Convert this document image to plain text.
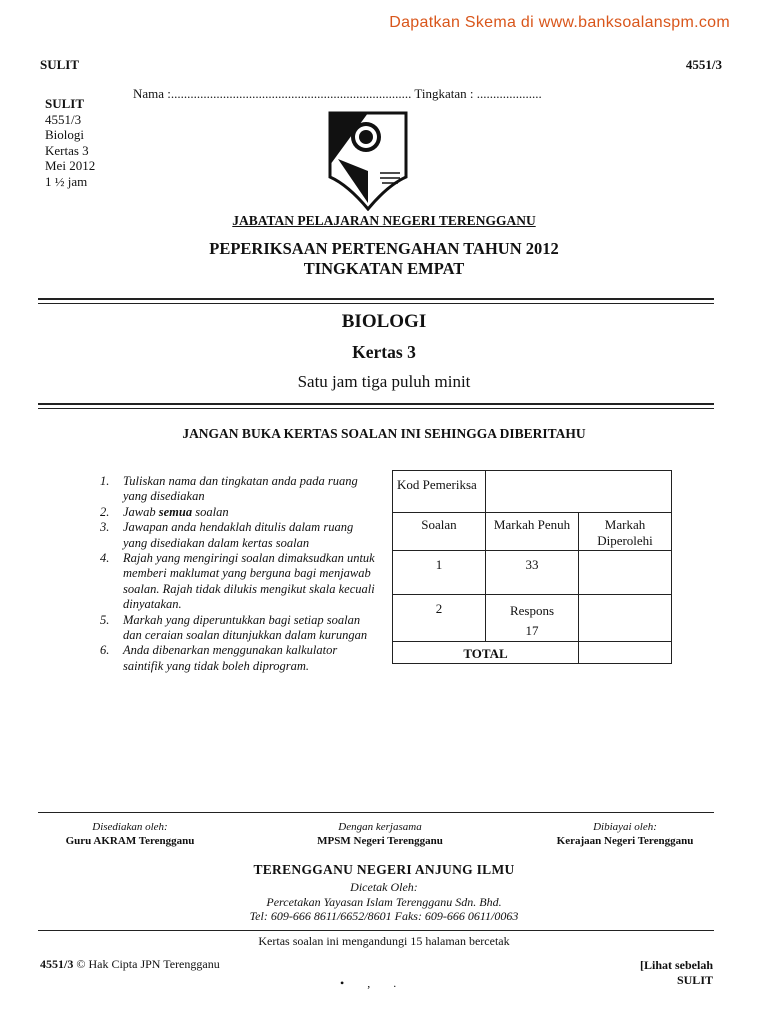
Dapatkan Skema di www.banksoalanspm.com
SULIT	4551/3
Nama :.......................................................................... Tingkatan : ....................
SULIT
4551/3
Biologi
Kertas 3
Mei 2012
1 ½ jam
JABATAN PELAJARAN NEGERI TERENGGANU
PEPERIKSAAN PERTENGAHAN TAHUN 2012
TINGKATAN EMPAT
BIOLOGI
Kertas 3
Satu jam tiga puluh minit
JANGAN BUKA KERTAS SOALAN INI SEHINGGA DIBERITAHU
1. Tuliskan nama dan tingkatan anda pada ruang yang disediakan
2. Jawab semua soalan
3. Jawapan anda hendaklah ditulis dalam ruang yang disediakan dalam kertas soalan
4. Rajah yang mengiringi soalan dimaksudkan untuk memberi maklumat yang berguna bagi menjawab soalan. Rajah tidak dilukis mengikut skala kecuali dinyatakan.
5. Markah yang diperuntukkan bagi setiap soalan dan ceraian soalan ditunjukkan dalam kurungan
6. Anda dibenarkan menggunakan kalkulator saintifik yang tidak boleh diprogram.
Kod Pemeriksa		

Soalan	Markah Penuh	Markah Diperolehi

1	33	

2	Respons
17	

TOTAL		

Disediakan oleh:
Guru AKRAM Terengganu
Dengan kerjasama
MPSM Negeri Terengganu
Dibiayai oleh:
Kerajaan Negeri Terengganu
TERENGGANU NEGERI ANJUNG ILMU
Dicetak Oleh:
Percetakan Yayasan Islam Terengganu Sdn. Bhd.
Tel: 609-666 8611/6652/8601 Faks: 609-666 0611/0063
Kertas soalan ini mengandungi 15 halaman bercetak
4551/3 © Hak Cipta JPN Terengganu	[Lihat sebelah
SULIT
• , .
